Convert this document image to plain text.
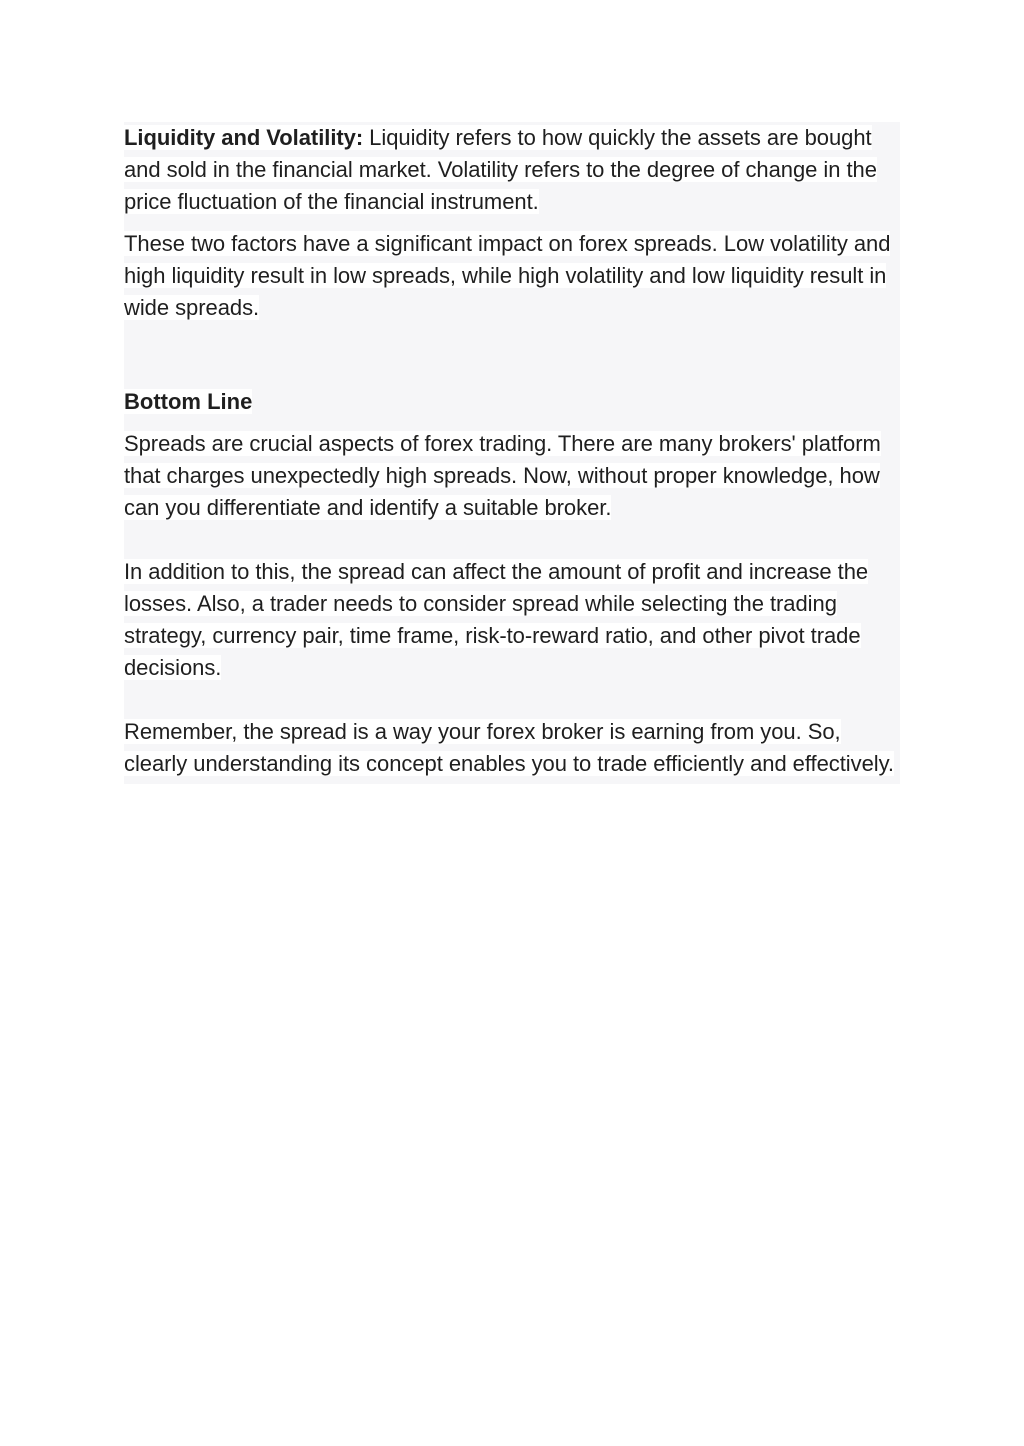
Liquidity and Volatility: Liquidity refers to how quickly the assets are bought and sold in the financial market. Volatility refers to the degree of change in the price fluctuation of the financial instrument.

These two factors have a significant impact on forex spreads. Low volatility and high liquidity result in low spreads, while high volatility and low liquidity result in wide spreads.

Bottom Line

Spreads are crucial aspects of forex trading. There are many brokers' platform that charges unexpectedly high spreads. Now, without proper knowledge, how can you differentiate and identify a suitable broker.

In addition to this, the spread can affect the amount of profit and increase the losses. Also, a trader needs to consider spread while selecting the trading strategy, currency pair, time frame, risk-to-reward ratio, and other pivot trade decisions.

Remember, the spread is a way your forex broker is earning from you. So, clearly understanding its concept enables you to trade efficiently and effectively.
